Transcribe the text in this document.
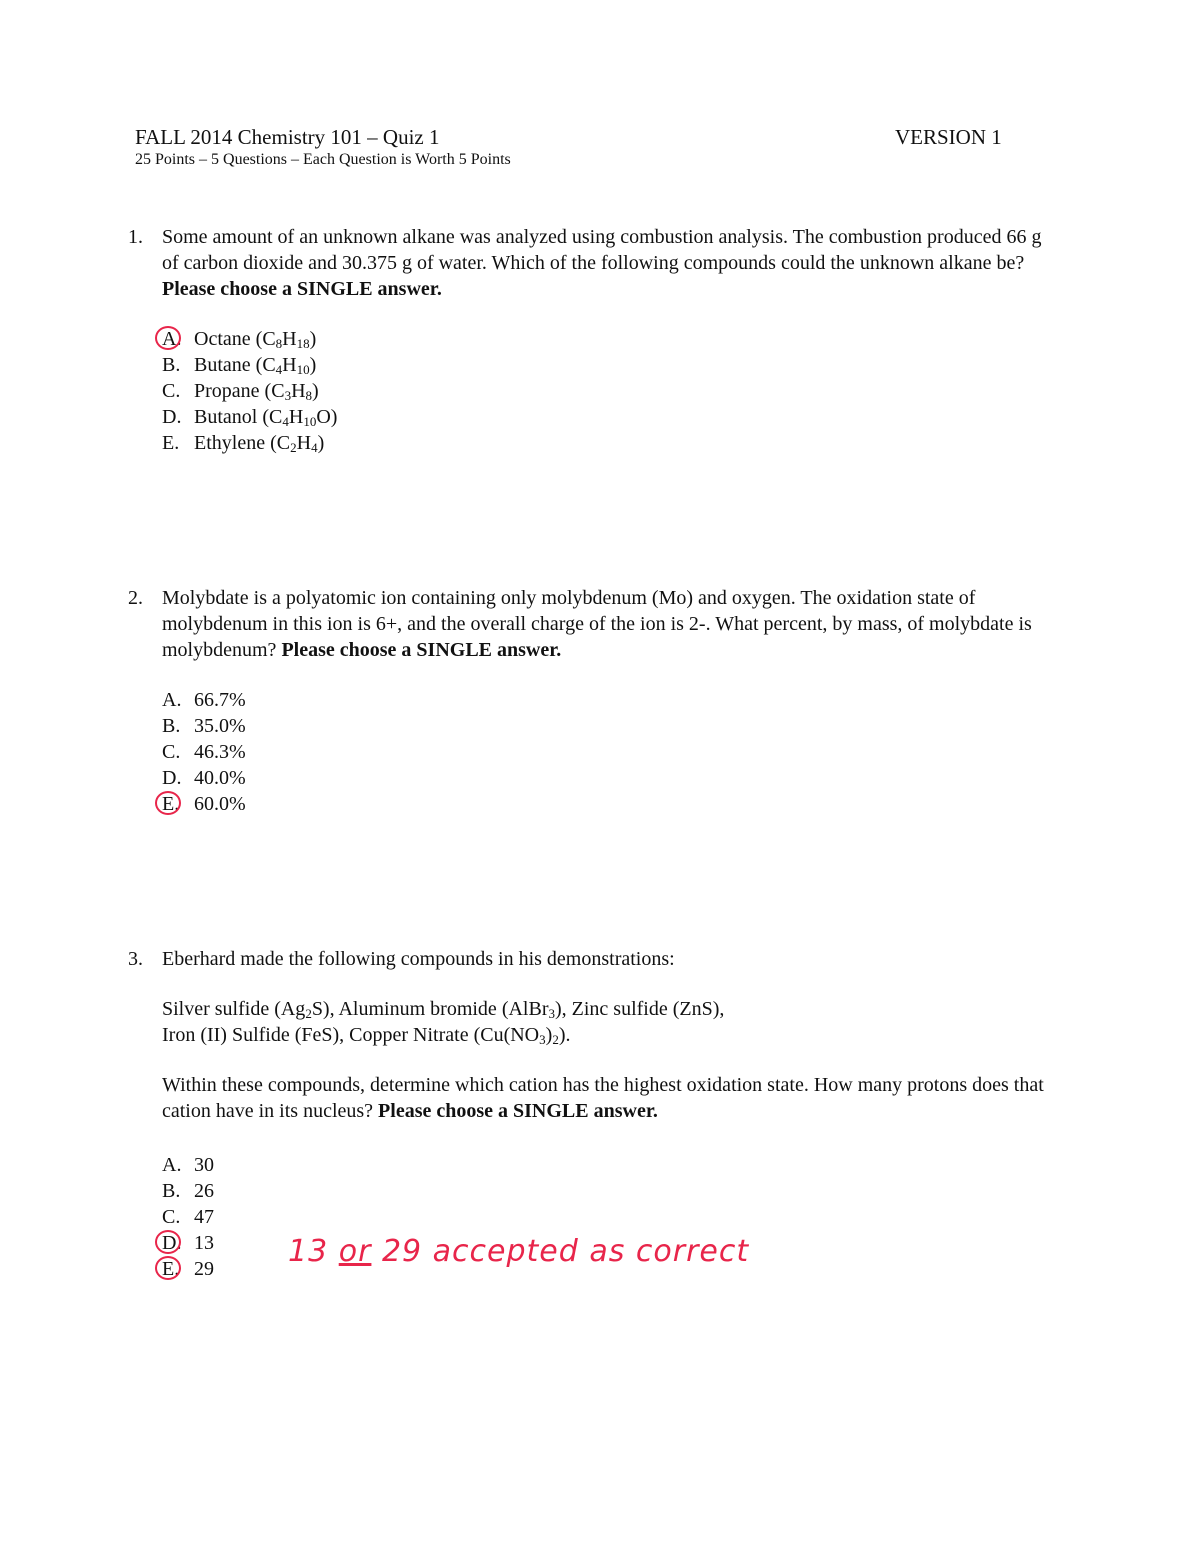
FALL 2014 Chemistry 101 – Quiz 1
25 Points – 5 Questions – Each Question is Worth 5 Points
VERSION 1
1. Some amount of an unknown alkane was analyzed using combustion analysis. The combustion produced 66 g of carbon dioxide and 30.375 g of water. Which of the following compounds could the unknown alkane be? Please choose a SINGLE answer.

A. Octane $(C_8H_{18})$
B. Butane $(C_4H_{10})$
C. Propane $(C_3H_8)$
D. Butanol $(C_4H_{10}O)$
E. Ethylene $(C_2H_4)$
2. Molybdate is a polyatomic ion containing only molybdenum (Mo) and oxygen. The oxidation state of molybdenum in this ion is 6+, and the overall charge of the ion is 2-. What percent, by mass, of molybdate is molybdenum? Please choose a SINGLE answer.

A. 66.7%
B. 35.0%
C. 46.3%
D. 40.0%
E. 60.0%
3. Eberhard made the following compounds in his demonstrations:

Silver sulfide $(Ag_2S)$, Aluminum bromide (AlBr$_3$), Zinc sulfide (ZnS),

Iron (II) Sulfide (FeS), Copper Nitrate $(Cu(NO_3)_2)$.

Within these compounds, determine which cation has the highest oxidation state. How many protons does that cation have in its nucleus? Please choose a SINGLE answer.

A. 30
B. 26
C. 47
D. 13
E. 29 13 or 29 accepted as correct
